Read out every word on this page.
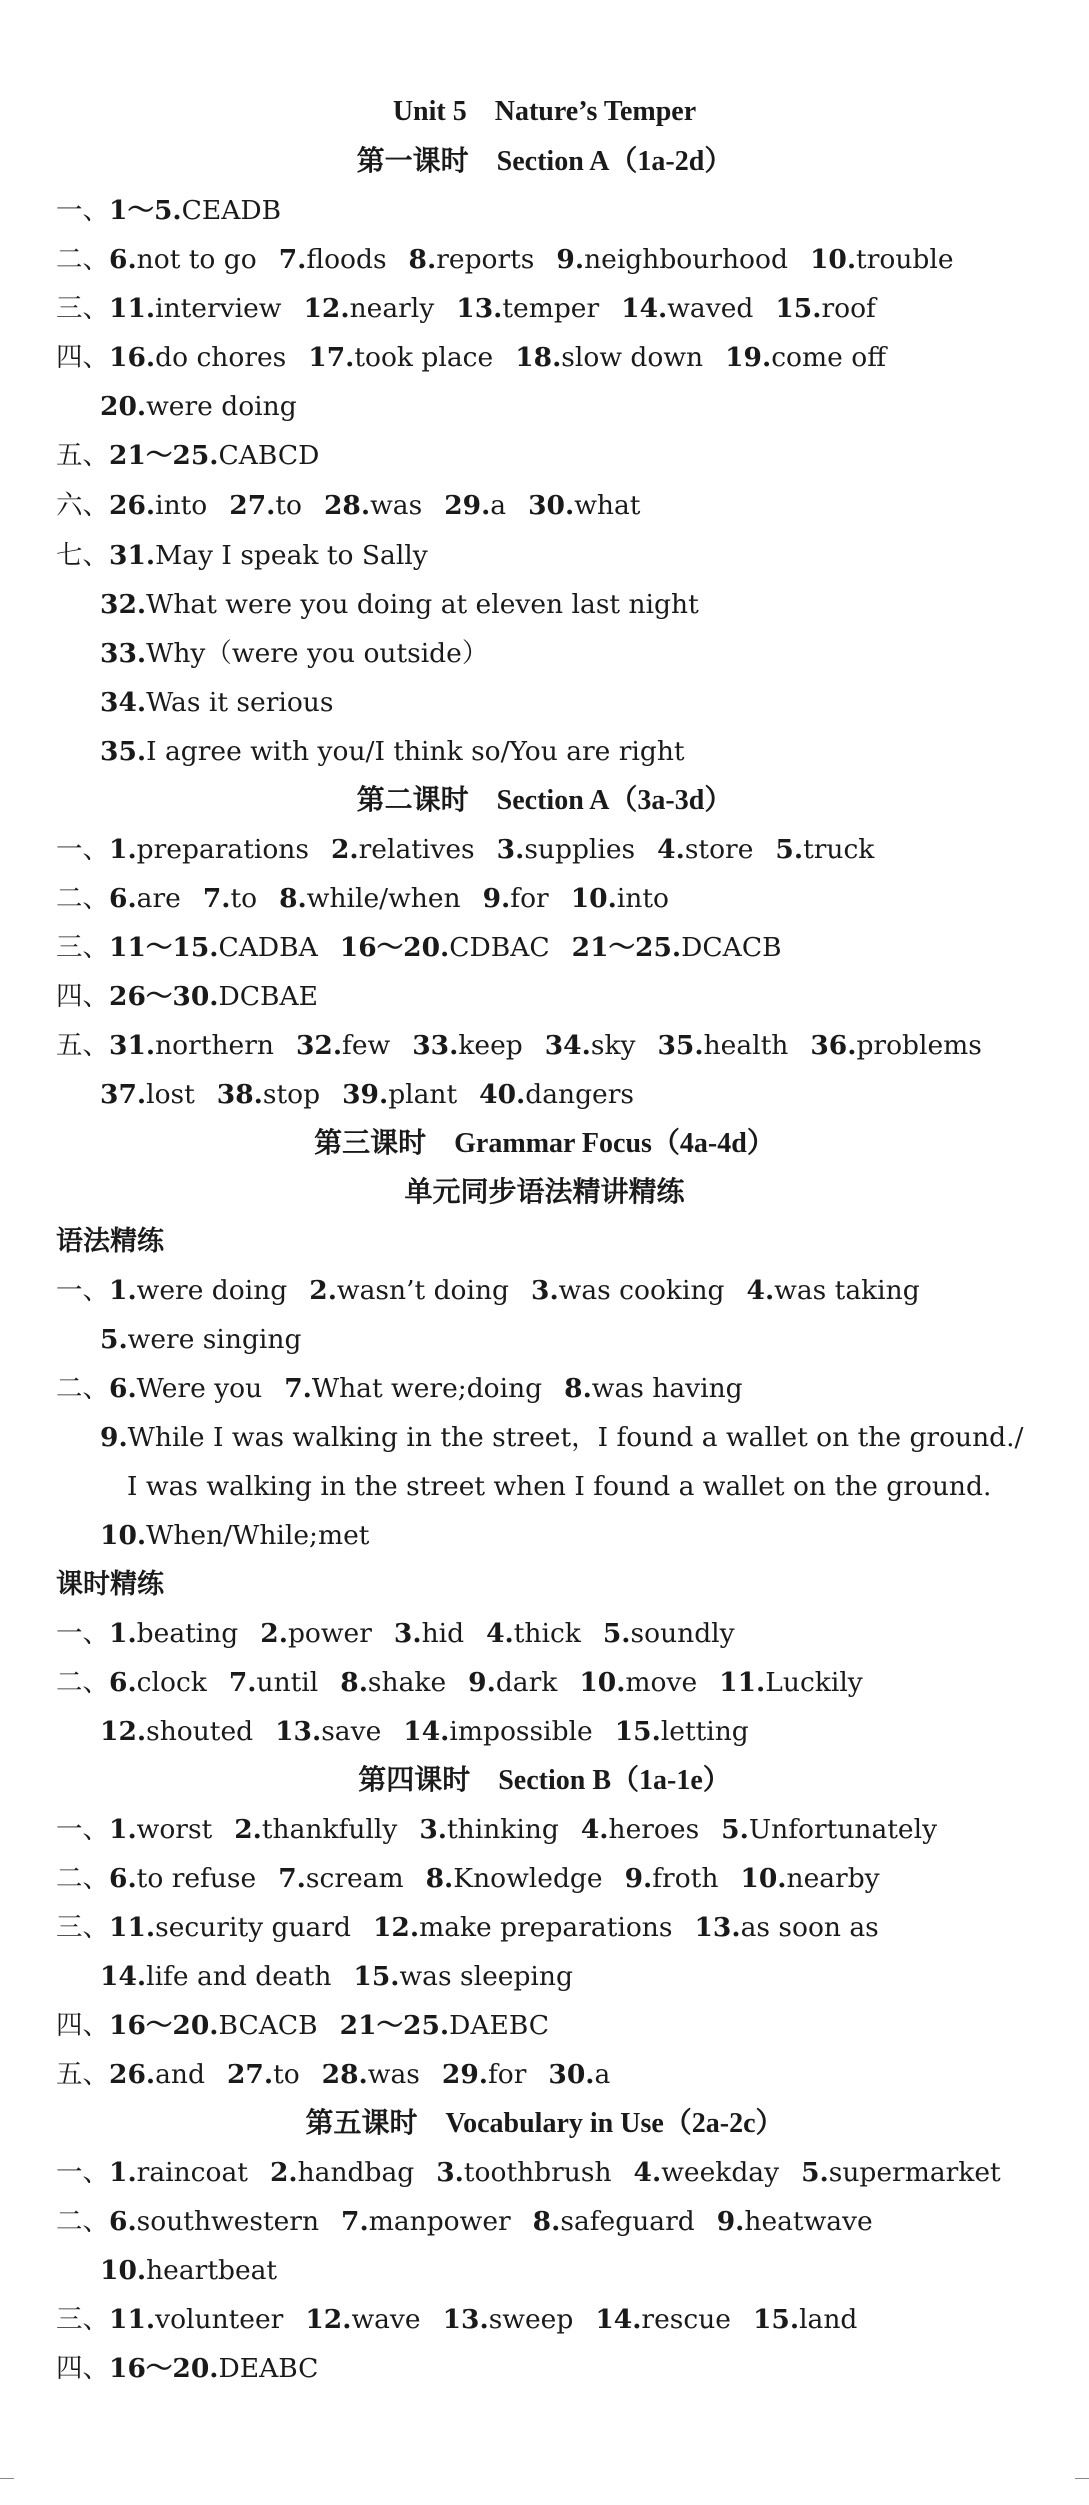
Unit 5　Nature’s Temper
第一课时　Section A（1a-2d）
一、1～5.CEADB
二、6.not to go 7.floods 8.reports 9.neighbourhood 10.trouble
三、11.interview 12.nearly 13.temper 14.waved 15.roof
四、16.do chores 17.took place 18.slow down 19.come off
20.were doing
五、21～25.CABCD
六、26.into 27.to 28.was 29.a 30.what
七、31.May I speak to Sally
32.What were you doing at eleven last night
33.Why（were you outside）
34.Was it serious
35.I agree with you/I think so/You are right
第二课时　Section A（3a-3d）
一、1.preparations 2.relatives 3.supplies 4.store 5.truck
二、6.are 7.to 8.while/when 9.for 10.into
三、11～15.CADBA 16～20.CDBAC 21～25.DCACB
四、26～30.DCBAE
五、31.northern 32.few 33.keep 34.sky 35.health 36.problems
37.lost 38.stop 39.plant 40.dangers
第三课时　Grammar Focus（4a-4d）
单元同步语法精讲精练
语法精练
一、1.were doing 2.wasn’t doing 3.was cooking 4.was taking
5.were singing
二、6.Were you 7.What were;doing 8.was having
9.While I was walking in the street，I found a wallet on the ground./
I was walking in the street when I found a wallet on the ground.
10.When/While;met
课时精练
一、1.beating 2.power 3.hid 4.thick 5.soundly
二、6.clock 7.until 8.shake 9.dark 10.move 11.Luckily
12.shouted 13.save 14.impossible 15.letting
第四课时　Section B（1a-1e）
一、1.worst 2.thankfully 3.thinking 4.heroes 5.Unfortunately
二、6.to refuse 7.scream 8.Knowledge 9.froth 10.nearby
三、11.security guard 12.make preparations 13.as soon as
14.life and death 15.was sleeping
四、16～20.BCACB 21～25.DAEBC
五、26.and 27.to 28.was 29.for 30.a
第五课时　Vocabulary in Use（2a-2c）
一、1.raincoat 2.handbag 3.toothbrush 4.weekday 5.supermarket
二、6.southwestern 7.manpower 8.safeguard 9.heatwave
10.heartbeat
三、11.volunteer 12.wave 13.sweep 14.rescue 15.land
四、16～20.DEABC
